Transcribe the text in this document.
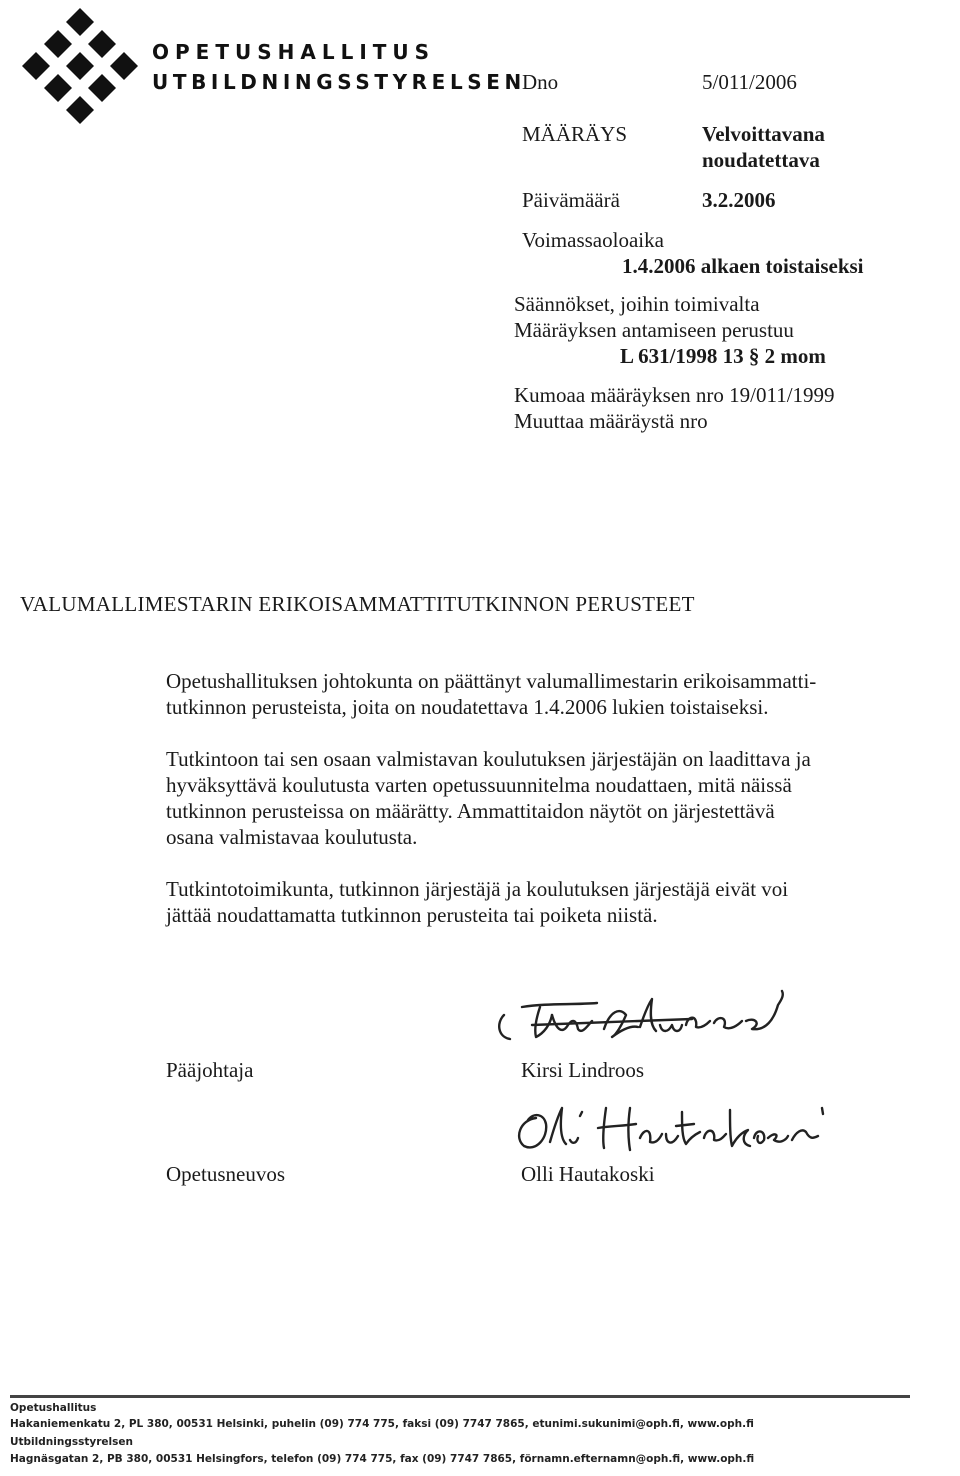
OPETUSHALLITUS
UTBILDNINGSSTYRELSEN
Dno	5/011/2006
MÄÄRÄYS	Velvoittavana
noudatettava
Päivämäärä	3.2.2006
Voimassaoloaika
1.4.2006 alkaen toistaiseksi
Säännökset, joihin toimivalta
Määräyksen antamiseen perustuu
L 631/1998 13 § 2 mom
Kumoaa määräyksen nro 19/011/1999
Muuttaa määräystä nro
VALUMALLIMESTARIN ERIKOISAMMATTITUTKINNON PERUSTEET
Opetushallituksen johtokunta on päättänyt valumallimestarin erikoisammatti-
tutkinnon perusteista, joita on noudatettava 1.4.2006 lukien toistaiseksi.
Tutkintoon tai sen osaan valmistavan koulutuksen järjestäjän on laadittava ja
hyväksyttävä koulutusta varten opetussuunnitelma noudattaen, mitä näissä
tutkinnon perusteissa on määrätty. Ammattitaidon näytöt on järjestettävä
osana valmistavaa koulutusta.
Tutkintotoimikunta, tutkinnon järjestäjä ja koulutuksen järjestäjä eivät voi
jättää noudattamatta tutkinnon perusteita tai poiketa niistä.
Pääjohtaja	Kirsi Lindroos
Opetusneuvos	Olli Hautakoski
Opetushallitus
Hakaniemenkatu 2, PL 380, 00531 Helsinki, puhelin (09) 774 775, faksi (09) 7747 7865, etunimi.sukunimi@oph.fi, www.oph.fi
Utbildningsstyrelsen
Hagnäsgatan 2, PB 380, 00531 Helsingfors, telefon (09) 774 775, fax (09) 7747 7865, förnamn.efternamn@oph.fi, www.oph.fi
